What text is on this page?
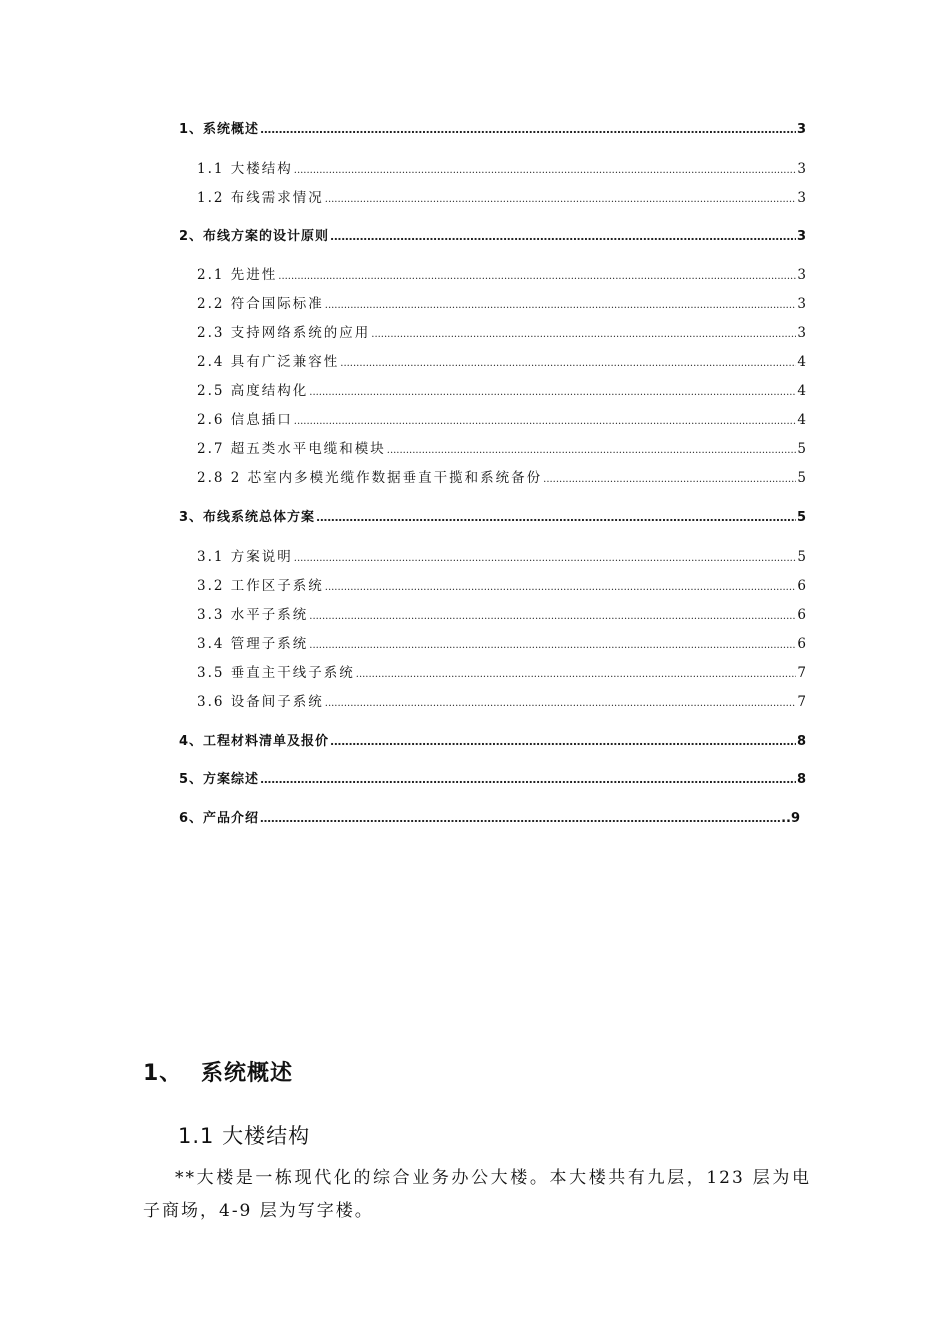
1、系统概述 .....	3
1.1 大楼结构 .....	3
1.2 布线需求情况 .....	3
2、布线方案的设计原则 .....	3
2.1 先进性 .....	3
2.2 符合国际标准 .....	3
2.3 支持网络系统的应用 .....	3
2.4 具有广泛兼容性 .....	4
2.5 高度结构化 .....	4
2.6 信息插口 .....	4
2.7 超五类水平电缆和模块 .....	5
2.8 2 芯室内多模光缆作数据垂直干揽和系统备份 .....	5
3、布线系统总体方案 .....	5
3.1 方案说明 .....	5
3.2 工作区子系统 .....	6
3.3 水平子系统 .....	6
3.4 管理子系统 .....	6
3.5 垂直主干线子系统 .....	7
3.6 设备间子系统 .....	7
4、工程材料清单及报价 .....	8
5、方案综述 .....	8
6、产品介绍 …………………………………………………………………………………………………………………………………………………………………………	..9
1、 系统概述
1.1 大楼结构
**大楼是一栋现代化的综合业务办公大楼。本大楼共有九层，123 层为电子商场，4-9 层为写字楼。
